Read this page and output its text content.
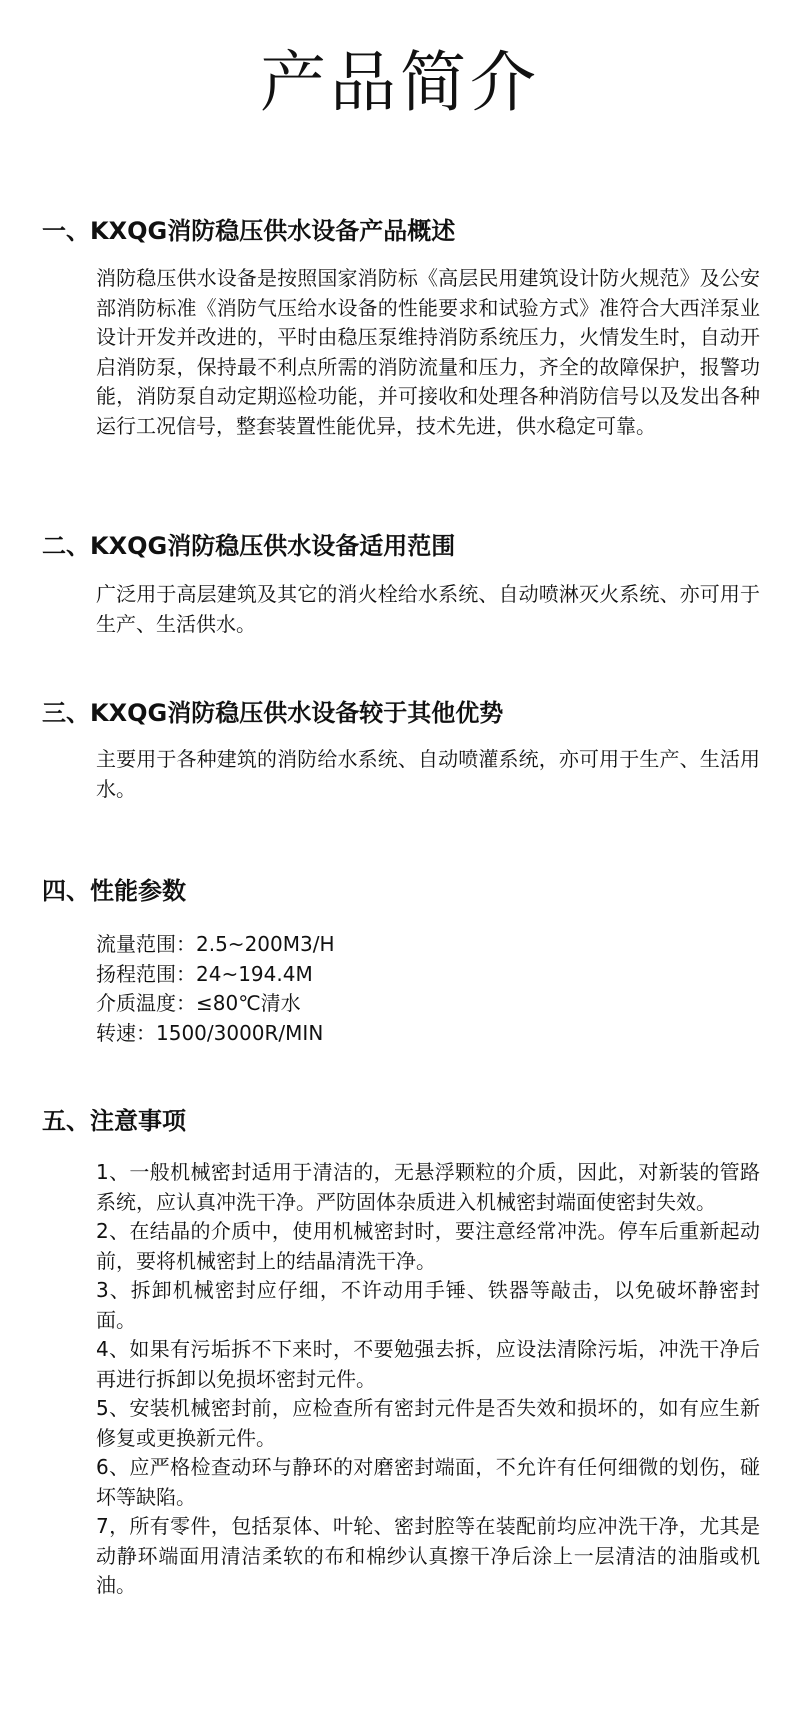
产品简介
一、KXQG消防稳压供水设备产品概述

消防稳压供水设备是按照国家消防标《高层民用建筑设计防火规范》及公安部消防标准《消防气压给水设备的性能要求和试验方式》准符合大西洋泵业设计开发并改进的，平时由稳压泵维持消防系统压力，火情发生时，自动开启消防泵，保持最不利点所需的消防流量和压力，齐全的故障保护，报警功能，消防泵自动定期巡检功能，并可接收和处理各种消防信号以及发出各种运行工况信号，整套装置性能优异，技术先进，供水稳定可靠。

二、KXQG消防稳压供水设备适用范围

广泛用于高层建筑及其它的消火栓给水系统、自动喷淋灭火系统、亦可用于生产、生活供水。

三、KXQG消防稳压供水设备较于其他优势

主要用于各种建筑的消防给水系统、自动喷灌系统，亦可用于生产、生活用水。

四、性能参数
流量范围：2.5~200M3/H
扬程范围：24~194.4M
介质温度：≤80℃清水
转速：1500/3000R/MIN
五、注意事项

1、一般机械密封适用于清洁的，无悬浮颗粒的介质，因此，对新装的管路系统，应认真冲洗干净。严防固体杂质进入机械密封端面使密封失效。

2、在结晶的介质中，使用机械密封时，要注意经常冲洗。停车后重新起动前，要将机械密封上的结晶清洗干净。

3、拆卸机械密封应仔细，不许动用手锤、铁器等敲击，以免破坏静密封面。

4、如果有污垢拆不下来时，不要勉强去拆，应设法清除污垢，冲洗干净后再进行拆卸以免损坏密封元件。

5、安装机械密封前，应检查所有密封元件是否失效和损坏的，如有应生新修复或更换新元件。

6、应严格检查动环与静环的对磨密封端面，不允许有任何细微的划伤，碰坏等缺陷。

7，所有零件，包括泵体、叶轮、密封腔等在装配前均应冲洗干净，尤其是动静环端面用清洁柔软的布和棉纱认真擦干净后涂上一层清洁的油脂或机油。
